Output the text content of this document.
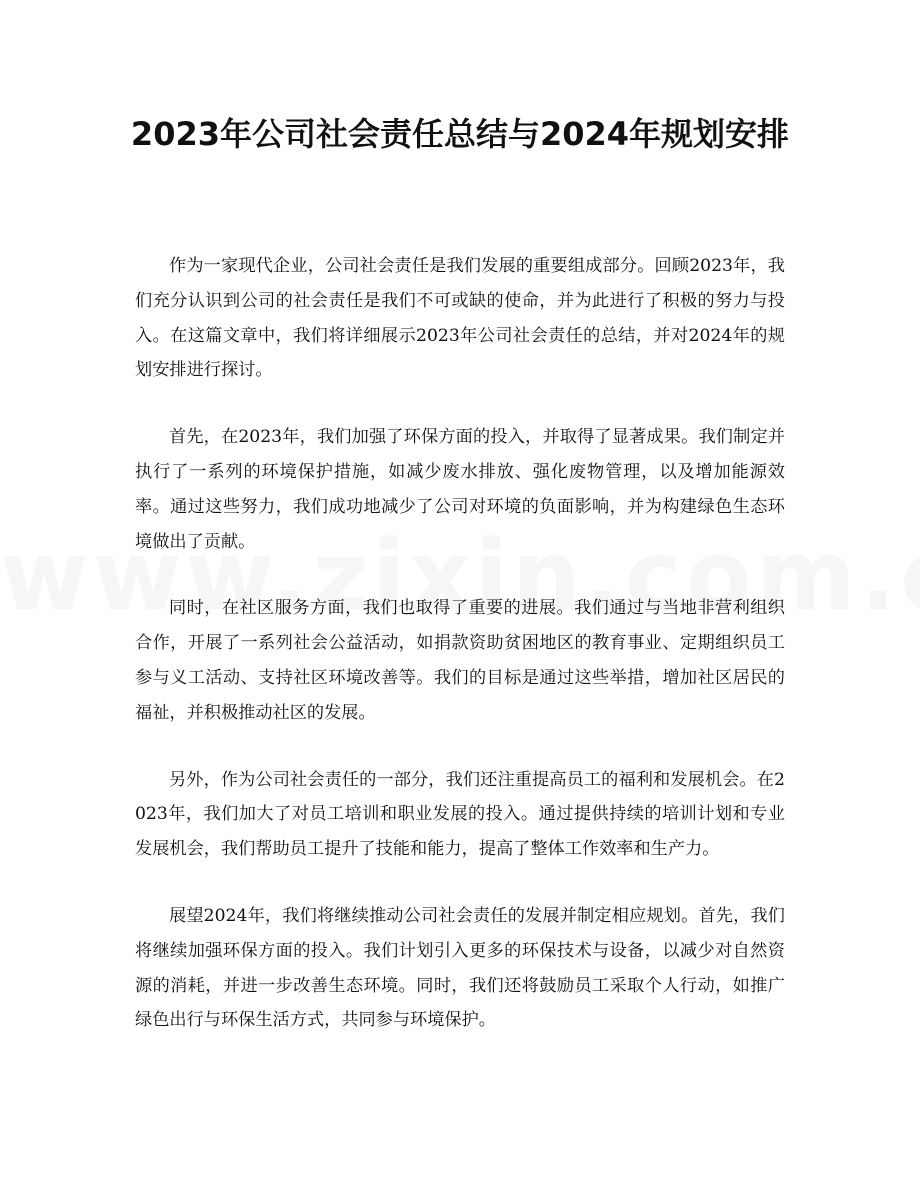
2023年公司社会责任总结与2024年规划安排

作为一家现代企业，公司社会责任是我们发展的重要组成部分。回顾2023年，我们充分认识到公司的社会责任是我们不可或缺的使命，并为此进行了积极的努力与投入。在这篇文章中，我们将详细展示2023年公司社会责任的总结，并对2024年的规划安排进行探讨。

首先，在2023年，我们加强了环保方面的投入，并取得了显著成果。我们制定并执行了一系列的环境保护措施，如减少废水排放、强化废物管理，以及增加能源效率。通过这些努力，我们成功地减少了公司对环境的负面影响，并为构建绿色生态环境做出了贡献。

同时，在社区服务方面，我们也取得了重要的进展。我们通过与当地非营利组织合作，开展了一系列社会公益活动，如捐款资助贫困地区的教育事业、定期组织员工参与义工活动、支持社区环境改善等。我们的目标是通过这些举措，增加社区居民的福祉，并积极推动社区的发展。

另外，作为公司社会责任的一部分，我们还注重提高员工的福利和发展机会。在2023年，我们加大了对员工培训和职业发展的投入。通过提供持续的培训计划和专业发展机会，我们帮助员工提升了技能和能力，提高了整体工作效率和生产力。

展望2024年，我们将继续推动公司社会责任的发展并制定相应规划。首先，我们将继续加强环保方面的投入。我们计划引入更多的环保技术与设备，以减少对自然资源的消耗，并进一步改善生态环境。同时，我们还将鼓励员工采取个人行动，如推广绿色出行与环保生活方式，共同参与环境保护。
